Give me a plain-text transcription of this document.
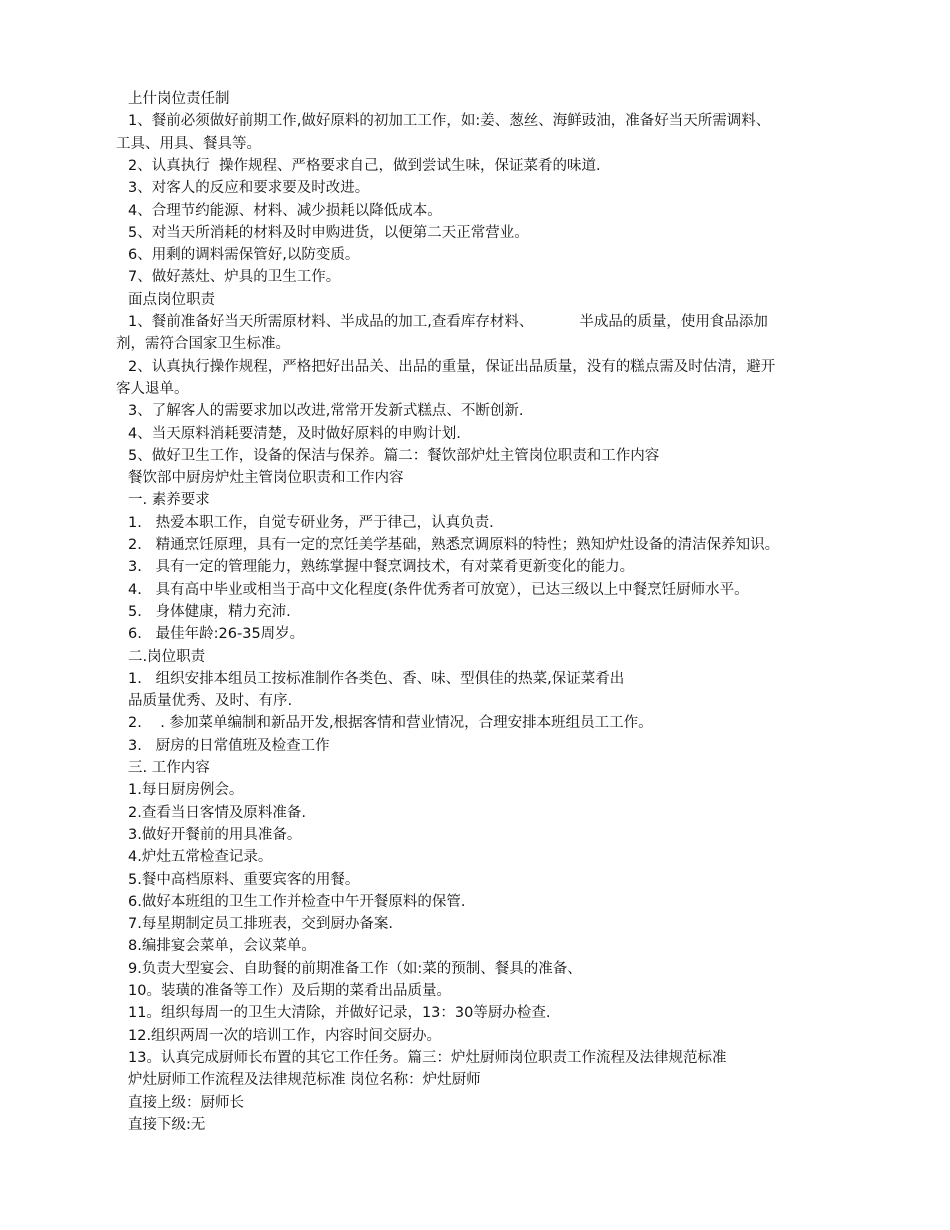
上什岗位责任制
1、餐前必须做好前期工作,做好原料的初加工工作，如:姜、葱丝、海鲜豉油，准备好当天所需调料、
工具、用具、餐具等。
2、认真执行  操作规程、严格要求自己，做到尝试生味，保证菜肴的味道.
3、对客人的反应和要求要及时改进。
4、合理节约能源、材料、减少损耗以降低成本。
5、对当天所消耗的材料及时申购进货，以便第二天正常营业。
6、用剩的调料需保管好,以防变质。
7、做好蒸灶、炉具的卫生工作。
面点岗位职责
1、餐前准备好当天所需原材料、半成品的加工,查看库存材料、          半成品的质量，使用食品添加
剂，需符合国家卫生标准。
2、认真执行操作规程，严格把好出品关、出品的重量，保证出品质量，没有的糕点需及时估清，避开
客人退单。
3、了解客人的需要求加以改进,常常开发新式糕点、不断创新.
4、当天原料消耗要清楚，及时做好原料的申购计划.
5、做好卫生工作，设备的保洁与保养。篇二：餐饮部炉灶主管岗位职责和工作内容
餐饮部中厨房炉灶主管岗位职责和工作内容
一. 素养要求
1.   热爱本职工作，自觉专研业务，严于律己，认真负责.
2.   精通烹饪原理，具有一定的烹饪美学基础，熟悉烹调原料的特性；熟知炉灶设备的清洁保养知识。
3.   具有一定的管理能力，熟练掌握中餐烹调技术，有对菜肴更新变化的能力。
4.   具有高中毕业或相当于高中文化程度(条件优秀者可放宽），已达三级以上中餐烹饪厨师水平。
5.   身体健康，精力充沛.
6.   最佳年龄:26-35周岁。
二.岗位职责
1.   组织安排本组员工按标准制作各类色、香、味、型俱佳的热菜,保证菜肴出
品质量优秀、及时、有序.
2.    . 参加菜单编制和新品开发,根据客情和营业情况，合理安排本班组员工工作。
3.   厨房的日常值班及检查工作
三. 工作内容
1.每日厨房例会。
2.查看当日客情及原料准备.
3.做好开餐前的用具准备。
4.炉灶五常检查记录。
5.餐中高档原料、重要宾客的用餐。
6.做好本班组的卫生工作并检查中午开餐原料的保管.
7.每星期制定员工排班表，交到厨办备案.
8.编排宴会菜单，会议菜单。
9.负责大型宴会、自助餐的前期准备工作（如:菜的预制、餐具的准备、
10。装璜的准备等工作）及后期的菜肴出品质量。
11。组织每周一的卫生大清除，并做好记录，13：30等厨办检查.
12.组织两周一次的培训工作，内容时间交厨办。
13。认真完成厨师长布置的其它工作任务。篇三：炉灶厨师岗位职责工作流程及法律规范标准
炉灶厨师工作流程及法律规范标准 岗位名称：炉灶厨师
直接上级：厨师长
直接下级:无
